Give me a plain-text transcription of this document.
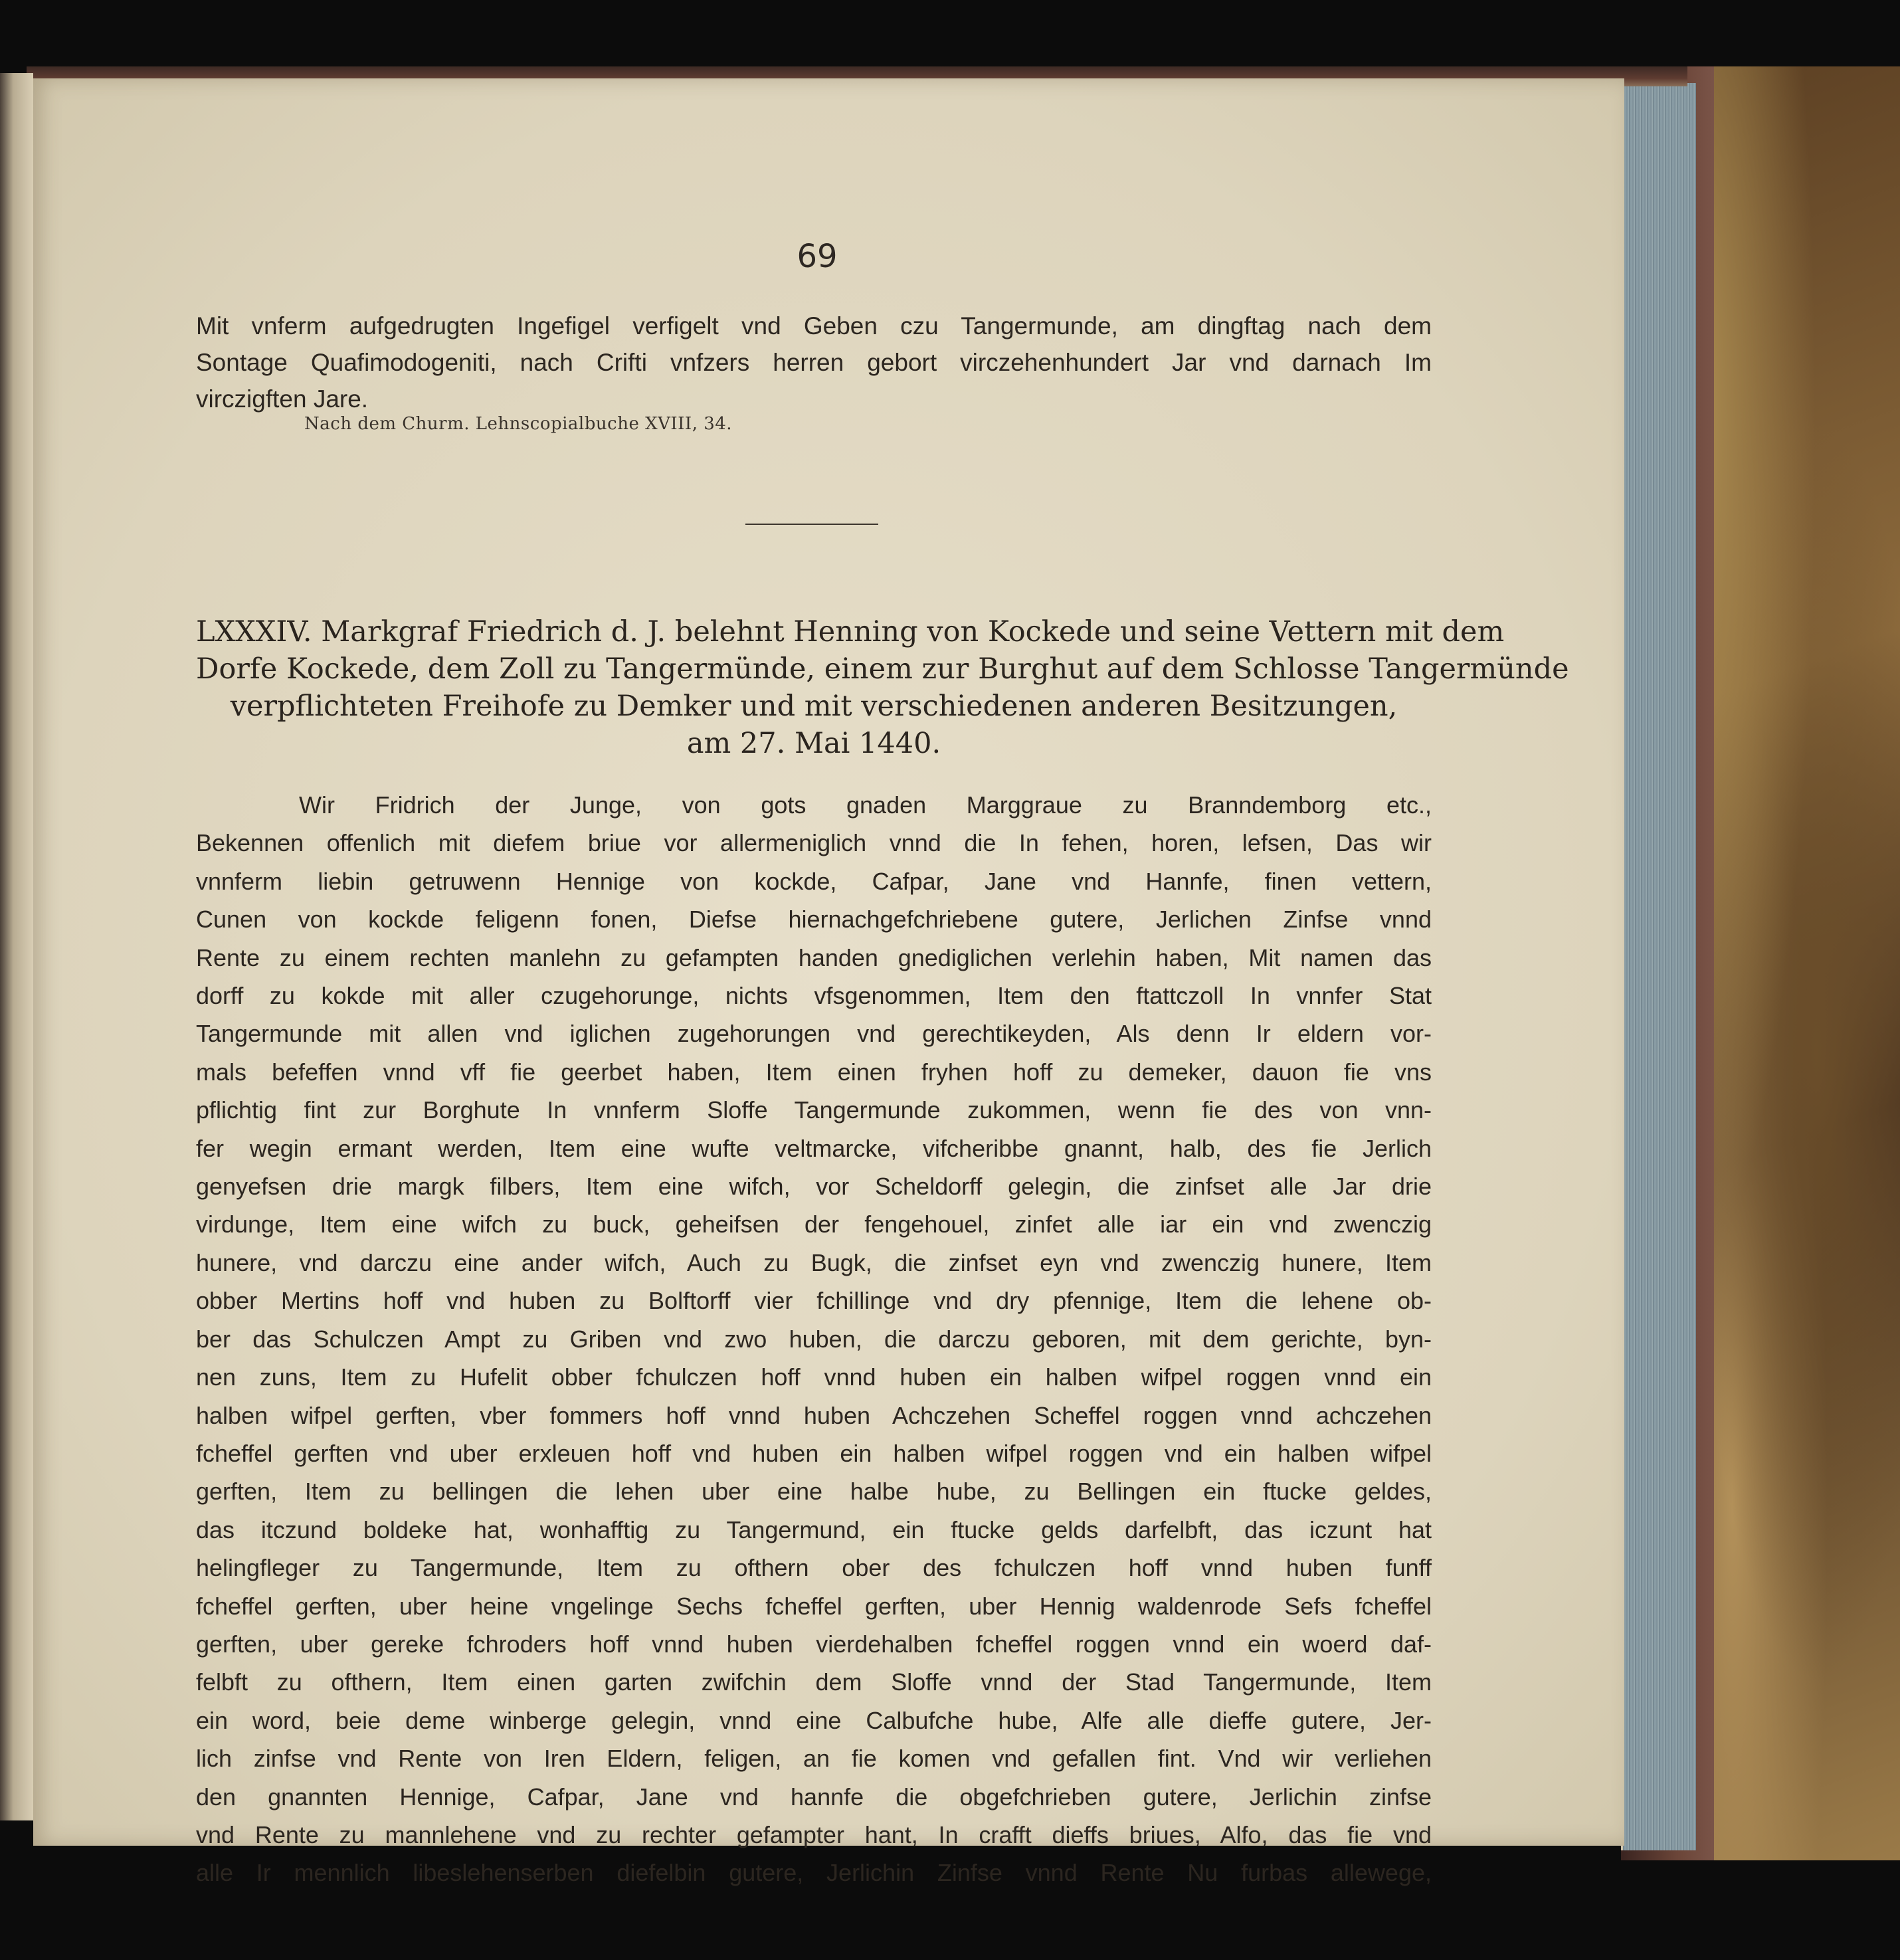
69
Mit vnferm aufgedrugten Ingefigel verfigelt vnd Geben czu Tangermunde, am dingftag nach dem
Sontage Quafimodogeniti, nach Crifti vnfzers herren gebort virczehenhundert Jar vnd darnach Im
virczigften Jare.
Nach dem Churm. Lehnscopialbuche XVIII, 34.
LXXXIV. Markgraf Friedrich d. J. belehnt Henning von Kockede und seine Vettern mit dem
Dorfe Kockede, dem Zoll zu Tangermünde, einem zur Burghut auf dem Schlosse Tangermünde
verpflichteten Freihofe zu Demker und mit verschiedenen anderen Besitzungen,
am 27. Mai 1440.
Wir Fridrich der Junge, von gots gnaden Marggraue zu Branndemborg etc.,
Bekennen offenlich mit diefem briue vor allermeniglich vnnd die In fehen, horen, lefsen, Das wir
vnnferm liebin getruwenn Hennige von kockde, Cafpar, Jane vnd Hannfe, finen vettern,
Cunen von kockde feligenn fonen, Diefse hiernachgefchriebene gutere, Jerlichen Zinfse vnnd
Rente zu einem rechten manlehn zu gefampten handen gnediglichen verlehin haben, Mit namen das
dorff zu kokde mit aller czugehorunge, nichts vfsgenommen, Item den ftattczoll In vnnfer Stat
Tangermunde mit allen vnd iglichen zugehorungen vnd gerechtikeyden, Als denn Ir eldern vor-
mals befeffen vnnd vff fie geerbet haben, Item einen fryhen hoff zu demeker, dauon fie vns
pflichtig fint zur Borghute In vnnferm Sloffe Tangermunde zukommen, wenn fie des von vnn-
fer wegin ermant werden, Item eine wufte veltmarcke, vifcheribbe gnannt, halb, des fie Jerlich
genyefsen drie margk filbers, Item eine wifch, vor Scheldorff gelegin, die zinfset alle Jar drie
virdunge, Item eine wifch zu buck, geheifsen der fengehouel, zinfet alle iar ein vnd zwenczig
hunere, vnd darczu eine ander wifch, Auch zu Bugk, die zinfset eyn vnd zwenczig hunere, Item
obber Mertins hoff vnd huben zu Bolftorff vier fchillinge vnd dry pfennige, Item die lehene ob-
ber das Schulczen Ampt zu Griben vnd zwo huben, die darczu geboren, mit dem gerichte, byn-
nen zuns, Item zu Hufelit obber fchulczen hoff vnnd huben ein halben wifpel roggen vnnd ein
halben wifpel gerften, vber fommers hoff vnnd huben Achczehen Scheffel roggen vnnd achczehen
fcheffel gerften vnd uber erxleuen hoff vnd huben ein halben wifpel roggen vnd ein halben wifpel
gerften, Item zu bellingen die lehen uber eine halbe hube, zu Bellingen ein ftucke geldes,
das itczund boldeke hat, wonhafftig zu Tangermund, ein ftucke gelds darfelbft, das iczunt hat
helingfleger zu Tangermunde, Item zu ofthern ober des fchulczen hoff vnnd huben funff
fcheffel gerften, uber heine vngelinge Sechs fcheffel gerften, uber Hennig waldenrode Sefs fcheffel
gerften, uber gereke fchroders hoff vnnd huben vierdehalben fcheffel roggen vnnd ein woerd daf-
felbft zu ofthern, Item einen garten zwifchin dem Sloffe vnnd der Stad Tangermunde, Item
ein word, beie deme winberge gelegin, vnnd eine Calbufche hube, Alfe alle dieffe gutere, Jer-
lich zinfse vnd Rente von Iren Eldern, feligen, an fie komen vnd gefallen fint. Vnd wir verliehen
den gnannten Hennige, Cafpar, Jane vnd hannfe die obgefchrieben gutere, Jerlichin zinfse
vnd Rente zu mannlehene vnd zu rechter gefampter hant, In crafft dieffs briues, Alfo, das fie vnd
alle Ir mennlich libeslehenserben diefelbin gutere, Jerlichin Zinfse vnnd Rente Nu furbas allewege,
